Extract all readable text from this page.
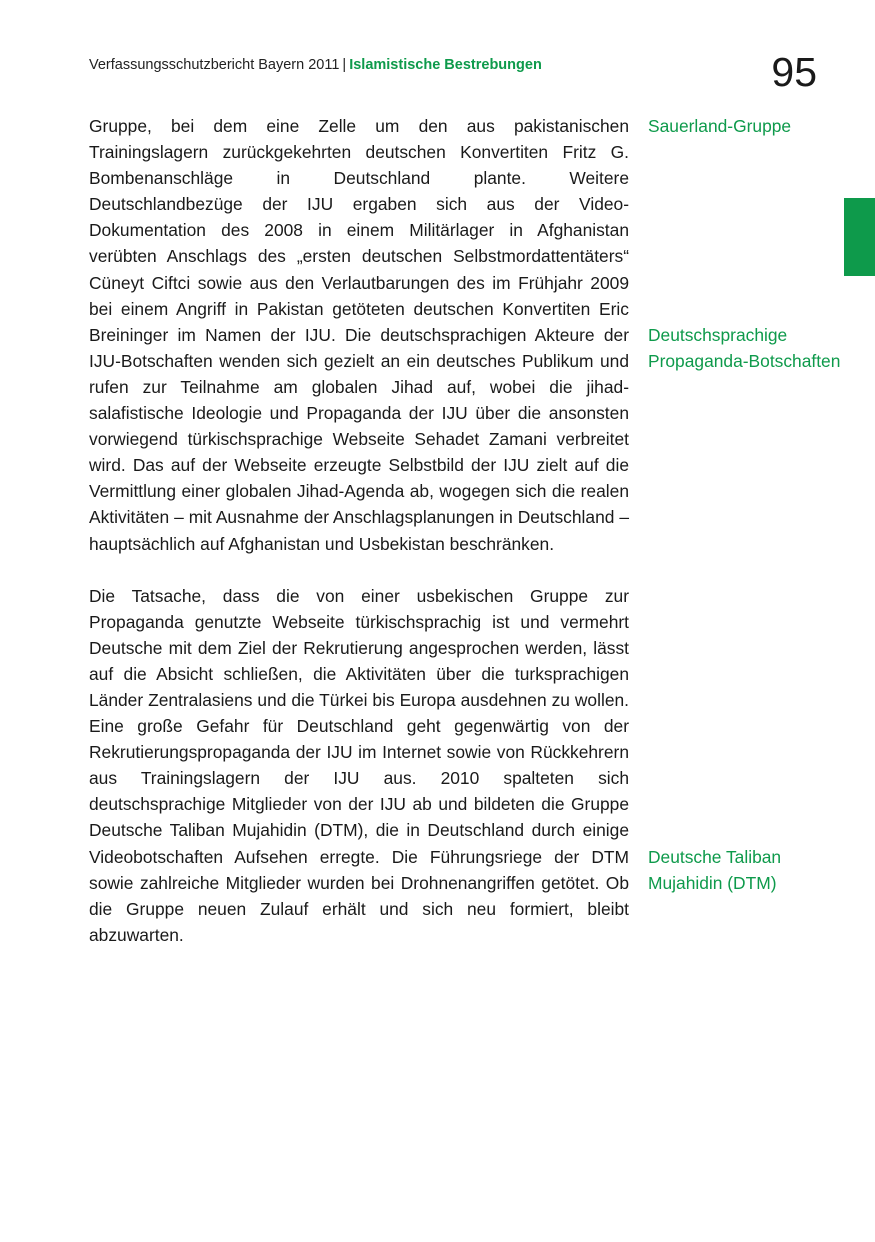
Verfassungsschutzbericht Bayern 2011 | Islamistische Bestrebungen	95

Gruppe, bei dem eine Zelle um den aus pakistanischen Trainingslagern zurückgekehrten deutschen Konvertiten Fritz G. Bombenanschläge in Deutschland plante. Weitere Deutschlandbezüge der IJU ergaben sich aus der Video-Dokumentation des 2008 in einem Militärlager in Afghanistan verübten Anschlags des „ersten deutschen Selbstmordattentäters“ Cüneyt Ciftci sowie aus den Verlautbarungen des im Frühjahr 2009 bei einem Angriff in Pakistan getöteten deutschen Konvertiten Eric Breininger im Namen der IJU. Die deutschsprachigen Akteure der IJU-Botschaften wenden sich gezielt an ein deutsches Publikum und rufen zur Teilnahme am globalen Jihad auf, wobei die jihad-salafistische Ideologie und Propaganda der IJU über die ansonsten vorwiegend türkischsprachige Webseite Sehadet Zamani verbreitet wird. Das auf der Webseite erzeugte Selbstbild der IJU zielt auf die Vermittlung einer globalen Jihad-Agenda ab, wogegen sich die realen Aktivitäten – mit Ausnahme der Anschlagsplanungen in Deutschland – hauptsächlich auf Afghanistan und Usbekistan beschränken.

Die Tatsache, dass die von einer usbekischen Gruppe zur Propaganda genutzte Webseite türkischsprachig ist und vermehrt Deutsche mit dem Ziel der Rekrutierung angesprochen werden, lässt auf die Absicht schließen, die Aktivitäten über die turksprachigen Länder Zentralasiens und die Türkei bis Europa ausdehnen zu wollen. Eine große Gefahr für Deutschland geht gegenwärtig von der Rekrutierungspropaganda der IJU im Internet sowie von Rückkehrern aus Trainingslagern der IJU aus. 2010 spalteten sich deutschsprachige Mitglieder von der IJU ab und bildeten die Gruppe Deutsche Taliban Mujahidin (DTM), die in Deutschland durch einige Videobotschaften Aufsehen erregte. Die Führungsriege der DTM sowie zahlreiche Mitglieder wurden bei Drohnenangriffen getötet. Ob die Gruppe neuen Zulauf erhält und sich neu formiert, bleibt abzuwarten.

Sauerland-Gruppe
Deutschsprachige Propaganda-Botschaften
Deutsche Taliban Mujahidin (DTM)
